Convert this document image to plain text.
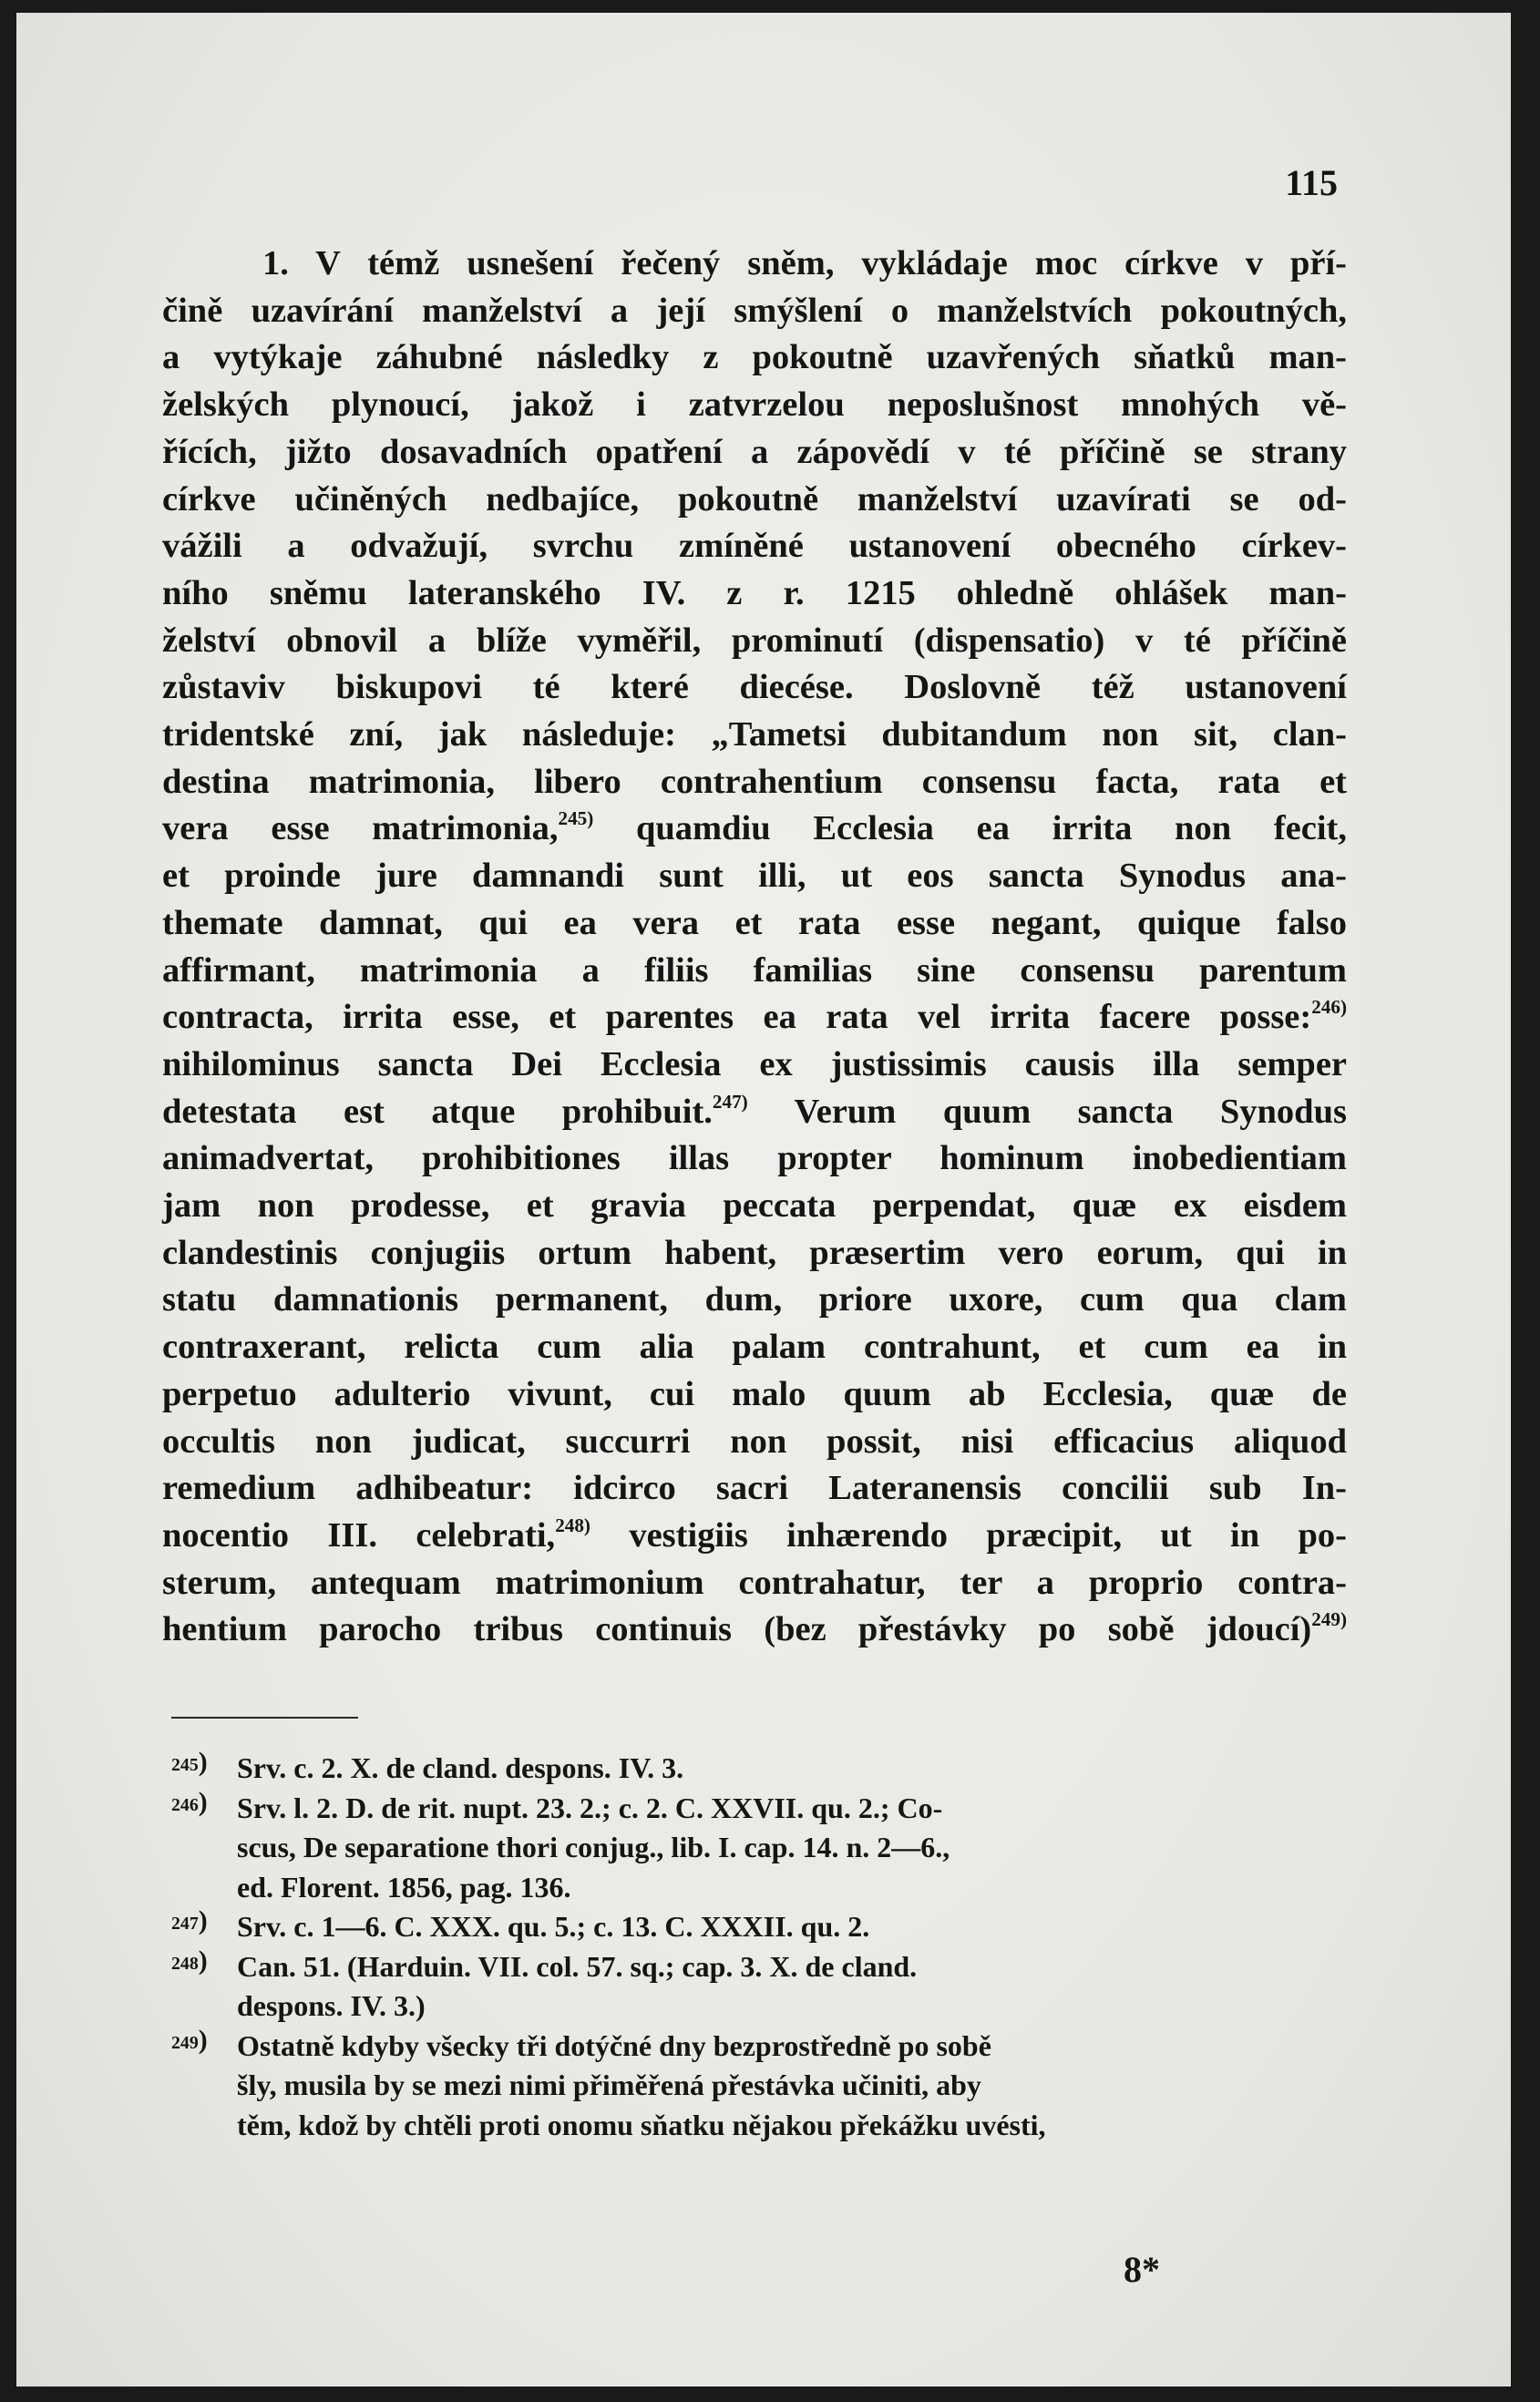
115

1. V témž usnešení řečený sněm, vykládaje moc církve v pří-
čině uzavírání manželství a její smýšlení o manželstvích pokoutných,
a vytýkaje záhubné následky z pokoutně uzavřených sňatků man-
želských plynoucí, jakož i zatvrzelou neposlušnost mnohých vě-
řících, jižto dosavadních opatření a zápovědí v té příčině se strany
církve učiněných nedbajíce, pokoutně manželství uzavírati se od-
vážili a odvažují, svrchu zmíněné ustanovení obecného církev-
ního sněmu lateranského IV. z r. 1215 ohledně ohlášek man-
želství obnovil a blíže vyměřil, prominutí (dispensatio) v té příčině
zůstaviv biskupovi té které diecése. Doslovně též ustanovení
tridentské zní, jak následuje: „Tametsi dubitandum non sit, clan-
destina matrimonia, libero contrahentium consensu facta, rata et
vera esse matrimonia,$^{245)}$ quamdiu Ecclesia ea irrita non fecit,
et proinde jure damnandi sunt illi, ut eos sancta Synodus ana-
themate damnat, qui ea vera et rata esse negant, quique falso
affirmant, matrimonia a filiis familias sine consensu parentum
contracta, irrita esse, et parentes ea rata vel irrita facere posse:$^{246)}$
nihilominus sancta Dei Ecclesia ex justissimis causis illa semper
detestata est atque prohibuit.$^{247)}$ Verum quum sancta Synodus
animadvertat, prohibitiones illas propter hominum inobedientiam
jam non prodesse, et gravia peccata perpendat, quæ ex eisdem
clandestinis conjugiis ortum habent, præsertim vero eorum, qui in
statu damnationis permanent, dum, priore uxore, cum qua clam
contraxerant, relicta cum alia palam contrahunt, et cum ea in
perpetuo adulterio vivunt, cui malo quum ab Ecclesia, quæ de
occultis non judicat, succurri non possit, nisi efficacius aliquod
remedium adhibeatur: idcirco sacri Lateranensis concilii sub In-
nocentio III. celebrati,$^{248)}$ vestigiis inhærendo præcipit, ut in po-
sterum, antequam matrimonium contrahatur, ter a proprio contra-
hentium parocho tribus continuis (bez přestávky po sobě jdoucí)$^{249)}$
245)	Srv. c. 2. X. de cland. despons. IV. 3.
246)	Srv. l. 2. D. de rit. nupt. 23. 2.; c. 2. C. XXVII. qu. 2.; Co-
scus, De separatione thori conjug., lib. I. cap. 14. n. 2—6.,
ed. Florent. 1856, pag. 136.
247)	Srv. c. 1—6. C. XXX. qu. 5.; c. 13. C. XXXII. qu. 2.
248)	Can. 51. (Harduin. VII. col. 57. sq.; cap. 3. X. de cland.
despons. IV. 3.)
249)	Ostatně kdyby všecky tři dotýčné dny bezprostředně po sobě
šly, musila by se mezi nimi přiměřená přestávka učiniti, aby
těm, kdož by chtěli proti onomu sňatku nějakou překážku uvésti,

8*
